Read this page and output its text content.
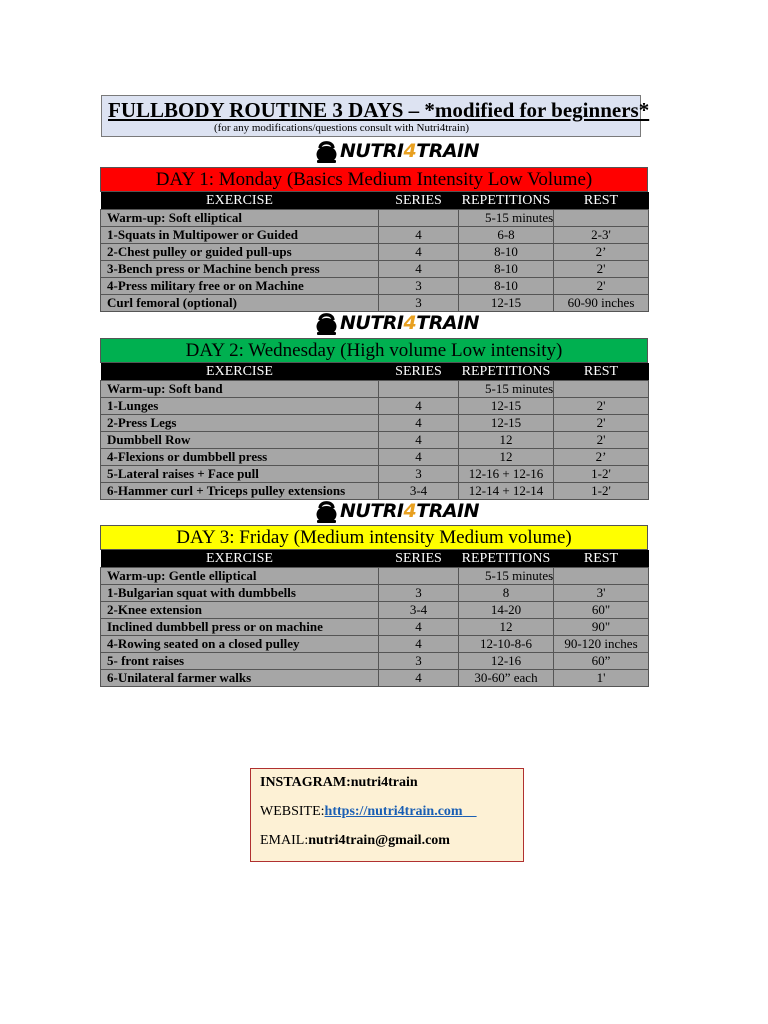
FULLBODY ROUTINE 3 DAYS – *modified for beginners*
(for any modifications/questions consult with Nutri4train)
DAY 1: Monday (Basics Medium Intensity Low Volume)
EXERCISE	SERIES	REPETITIONS	REST
Warm-up: Soft elliptical		5-15 minutes	

1-Squats in Multipower or Guided	4	6-8	2-3'
2-Chest pulley or guided pull-ups	4	8-10	2’
3-Bench press or Machine bench press	4	8-10	2'
4-Press military free or on Machine	3	8-10	2'
Curl femoral (optional)	3	12-15	60-90 inches
DAY 2: Wednesday (High volume Low intensity)
EXERCISE	SERIES	REPETITIONS	REST
Warm-up: Soft band		5-15 minutes	

1-Lunges	4	12-15	2'
2-Press Legs	4	12-15	2'
Dumbbell Row	4	12	2'
4-Flexions or dumbbell press	4	12	2’
5-Lateral raises + Face pull	3	12-16 + 12-16	1-2'
6-Hammer curl + Triceps pulley extensions	3-4	12-14 + 12-14	1-2'
DAY 3: Friday (Medium intensity Medium volume)
EXERCISE	SERIES	REPETITIONS	REST
Warm-up: Gentle elliptical		5-15 minutes	

1-Bulgarian squat with dumbbells	3	8	3'
2-Knee extension	3-4	14-20	60"
Inclined dumbbell press or on machine	4	12	90"
4-Rowing seated on a closed pulley	4	12-10-8-6	90-120 inches
5- front raises	3	12-16	60”
6-Unilateral farmer walks	4	30-60” each	1'
INSTAGRAM:nutri4train
WEBSITE:https://nutri4train.com
EMAIL:nutri4train@gmail.com
NUTRI4TRAIN
NUTRI4TRAIN
NUTRI4TRAIN
